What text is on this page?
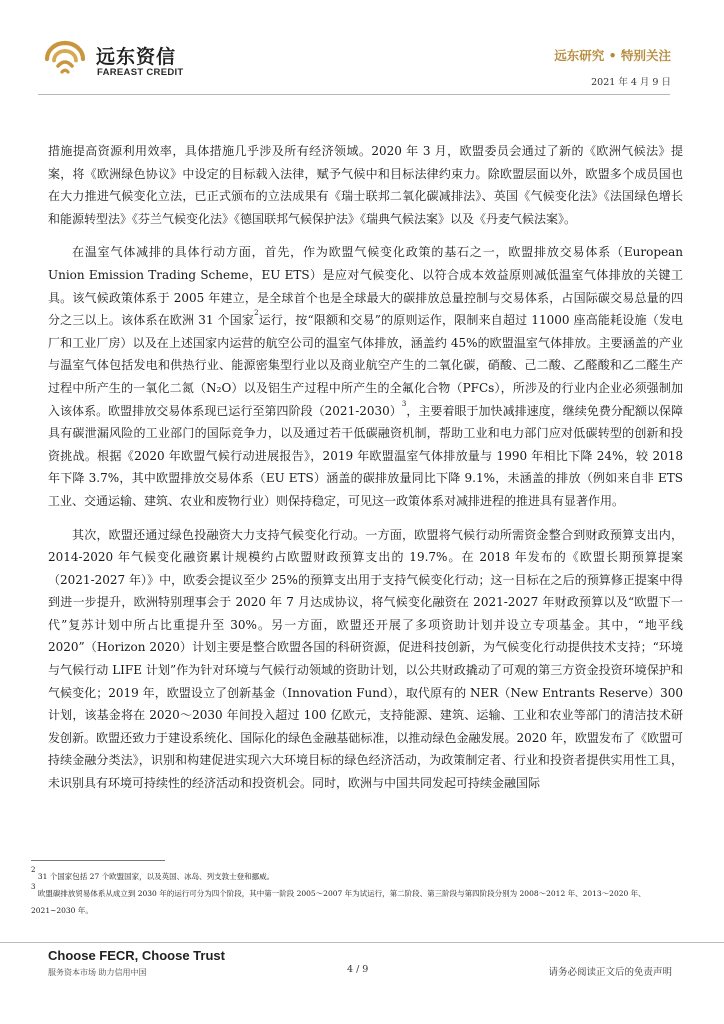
远东资信
FAREAST CREDIT
远东研究 • 特别关注
2021 年 4 月 9 日

措施提高资源利用效率，具体措施几乎涉及所有经济领域。2020 年 3 月，欧盟委员会通过了新的《欧洲气候法》提案，将《欧洲绿色协议》中设定的目标载入法律，赋予气候中和目标法律约束力。除欧盟层面以外，欧盟多个成员国也在大力推进气候变化立法，已正式颁布的立法成果有《瑞士联邦二氧化碳减排法》、英国《气候变化法》《法国绿色增长和能源转型法》《芬兰气候变化法》《德国联邦气候保护法》《瑞典气候法案》以及《丹麦气候法案》。

在温室气体减排的具体行动方面，首先，作为欧盟气候变化政策的基石之一，欧盟排放交易体系（European Union Emission Trading Scheme，EU ETS）是应对气候变化、以符合成本效益原则减低温室气体排放的关键工具。该气候政策体系于 2005 年建立，是全球首个也是全球最大的碳排放总量控制与交易体系，占国际碳交易总量的四分之三以上。该体系在欧洲 31 个国家$^2$运行，按“限额和交易”的原则运作，限制来自超过 11000 座高能耗设施（发电厂和工业厂房）以及在上述国家内运营的航空公司的温室气体排放，涵盖约 45%的欧盟温室气体排放。主要涵盖的产业与温室气体包括发电和供热行业、能源密集型行业以及商业航空产生的二氧化碳，硝酸、己二酸、乙醛酸和乙二醛生产过程中所产生的一氧化二氮（N₂O）以及铝生产过程中所产生的全氟化合物（PFCs），所涉及的行业内企业必须强制加入该体系。欧盟排放交易体系现已运行至第四阶段（2021-2030）$^3$，主要着眼于加快减排速度，继续免费分配额以保障具有碳泄漏风险的工业部门的国际竞争力，以及通过若干低碳融资机制，帮助工业和电力部门应对低碳转型的创新和投资挑战。根据《2020 年欧盟气候行动进展报告》，2019 年欧盟温室气体排放量与 1990 年相比下降 24%，较 2018 年下降 3.7%，其中欧盟排放交易体系（EU ETS）涵盖的碳排放量同比下降 9.1%，未涵盖的排放（例如来自非 ETS 工业、交通运输、建筑、农业和废物行业）则保持稳定，可见这一政策体系对减排进程的推进具有显著作用。

其次，欧盟还通过绿色投融资大力支持气候变化行动。一方面，欧盟将气候行动所需资金整合到财政预算支出内，2014-2020 年气候变化融资累计规模约占欧盟财政预算支出的 19.7%。在 2018 年发布的《欧盟长期预算提案（2021-2027 年）》中，欧委会提议至少 25%的预算支出用于支持气候变化行动；这一目标在之后的预算修正提案中得到进一步提升，欧洲特别理事会于 2020 年 7 月达成协议，将气候变化融资在 2021-2027 年财政预算以及“欧盟下一代”复苏计划中所占比重提升至 30%。另一方面，欧盟还开展了多项资助计划并设立专项基金。其中，“地平线 2020”（Horizon 2020）计划主要是整合欧盟各国的科研资源，促进科技创新，为气候变化行动提供技术支持；“环境与气候行动 LIFE 计划”作为针对环境与气候行动领域的资助计划，以公共财政撬动了可观的第三方资金投资环境保护和气候变化；2019 年，欧盟设立了创新基金（Innovation Fund），取代原有的 NER（New Entrants Reserve）300 计划，该基金将在 2020～2030 年间投入超过 100 亿欧元，支持能源、建筑、运输、工业和农业等部门的清洁技术研发创新。欧盟还致力于建设系统化、国际化的绿色金融基础标准，以推动绿色金融发展。2020 年，欧盟发布了《欧盟可持续金融分类法》，识别和构建促进实现六大环境目标的绿色经济活动，为政策制定者、行业和投资者提供实用性工具，未识别具有环境可持续性的经济活动和投资机会。同时，欧洲与中国共同发起可持续金融国际

$^2$ 31 个国家包括 27 个欧盟国家，以及英国、冰岛、列支敦士登和挪威。
$^3$ 欧盟碳排放贸易体系从成立到 2030 年的运行可分为四个阶段，其中第一阶段 2005～2007 年为试运行，第二阶段、第三阶段与第四阶段分别为 2008～2012 年、2013～2020 年、2021~2030 年。
Choose FECR, Choose Trust
服务资本市场 助力信用中国	4 / 9	请务必阅读正文后的免责声明
